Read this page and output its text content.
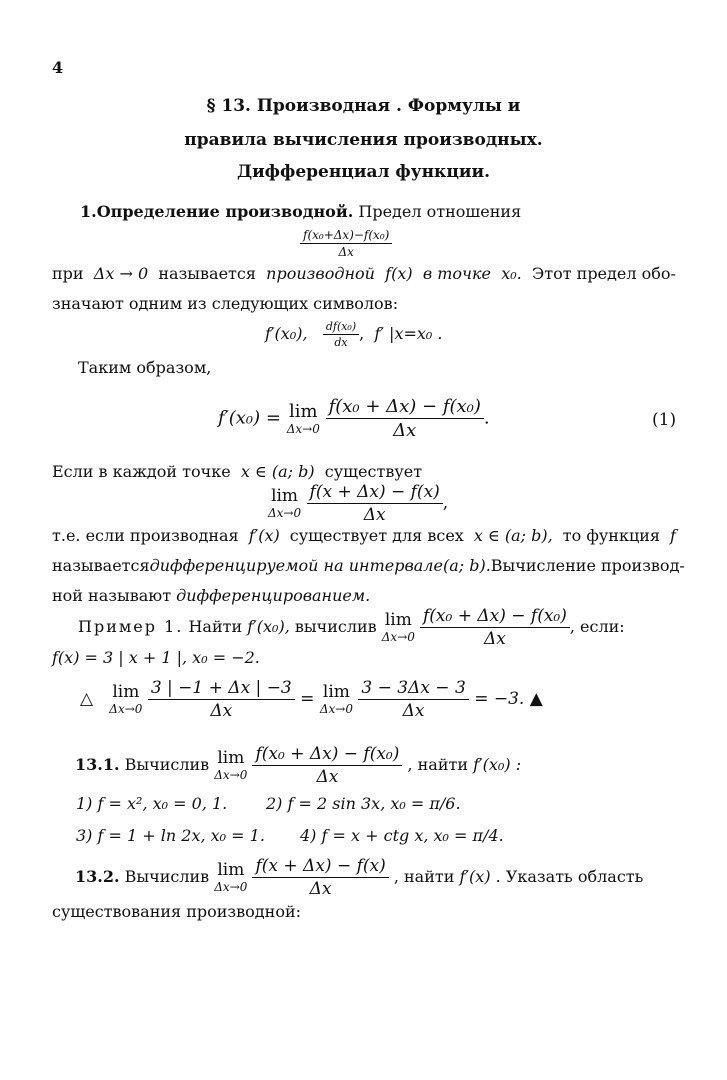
4
§ 13. Производная . Формулы и
правила вычисления производных.
Дифференциал функции.
1.Определение производной. Предел отношения
$\frac{\text{f(x₀+Δx)−f(x₀)}}{\Delta x}$
при Δx → 0 называется производной f(x) в точке x₀. Этот предел обо-
значают одним из следующих символов:
f′(x₀), $\frac{\text{df(x₀)}}{dx}$ ,  f′ |x=x₀ .
Таким образом,
f′(x₀) = lim
Δx→0
$\frac{\text{f(x₀ + Δx) − f(x₀)}}{\Delta x}$ .	(1)
Если в каждой точке x ∈ (a; b) существует
lim
Δx→0
$\frac{f(x + \Delta x) - f(x)}{\Delta x}$ ,
т.е. если производная f′(x) существует для всех x ∈ (a; b), то функция f
называется дифференцируемой на интервале (a; b). Вычисление производ-
ной называют дифференцированием.
Пример 1. Найти f′(x₀), вычислив lim
Δx→0
$\frac{\text{f(x₀ + Δx) − f(x₀)}}{\Delta x}$ , если:
f(x) = 3 | x + 1 |, x₀ = −2.
△ lim
Δx→0
$\frac{3 | -1 + \Delta x | -3}{\Delta x} = \lim$
Δx→0
$\frac{3 - 3\Delta x - 3}{\Delta x} = -3$. ▲
13.1. Вычислив lim
Δx→0
$\frac{\text{f(x₀ + Δx) − f(x₀)}}{\Delta x}$ , найти f′(x₀) :
1) f = x², x₀ = 0, 1. 2) f = 2 sin 3x, x₀ = π/6.
3) f = 1 + ln 2x, x₀ = 1. 4) f = x + ctg x, x₀ = π/4.
13.2. Вычислив lim
Δx→0
$\frac{f(x + \Delta x) - f(x)}{\Delta x}$ , найти f′(x) . Указать область
существования производной:
